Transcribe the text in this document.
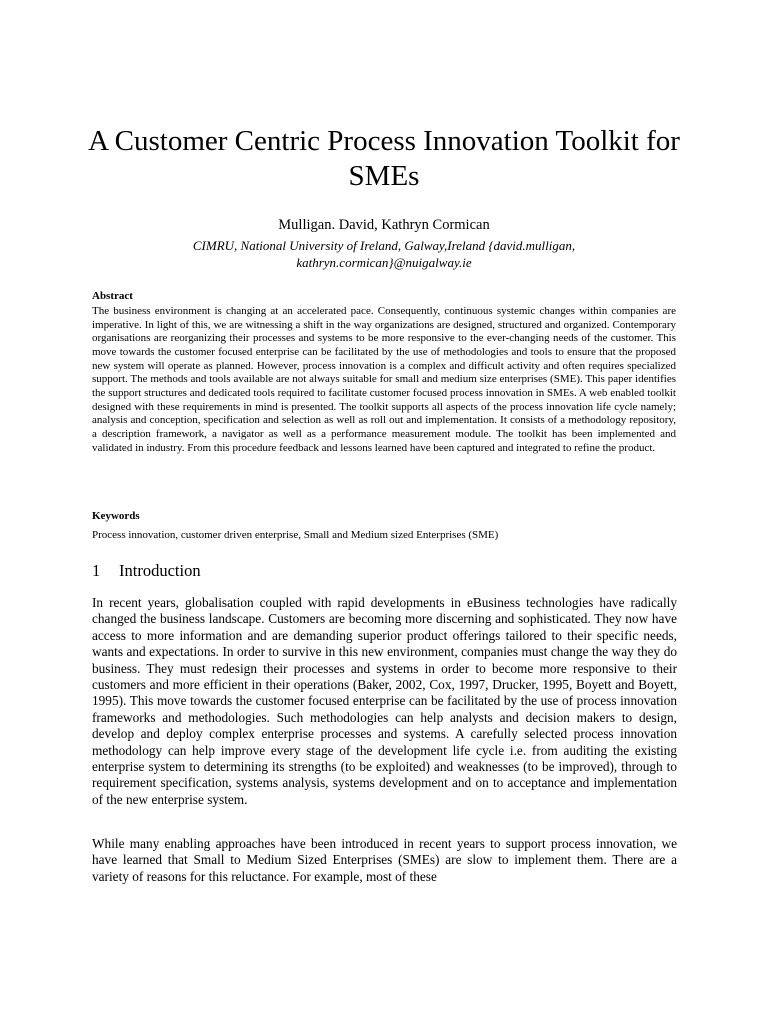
A Customer Centric Process Innovation Toolkit for SMEs
Mulligan. David, Kathryn Cormican
CIMRU, National University of Ireland, Galway,Ireland {david.mulligan, kathryn.cormican}@nuigalway.ie
Abstract

The business environment is changing at an accelerated pace. Consequently, continuous systemic changes within companies are imperative. In light of this, we are witnessing a shift in the way organizations are designed, structured and organized. Contemporary organisations are reorganizing their processes and systems to be more responsive to the ever-changing needs of the customer. This move towards the customer focused enterprise can be facilitated by the use of methodologies and tools to ensure that the proposed new system will operate as planned. However, process innovation is a complex and difficult activity and often requires specialized support. The methods and tools available are not always suitable for small and medium size enterprises (SME). This paper identifies the support structures and dedicated tools required to facilitate customer focused process innovation in SMEs. A web enabled toolkit designed with these requirements in mind is presented. The toolkit supports all aspects of the process innovation life cycle namely; analysis and conception, specification and selection as well as roll out and implementation. It consists of a methodology repository, a description framework, a navigator as well as a performance measurement module. The toolkit has been implemented and validated in industry. From this procedure feedback and lessons learned have been captured and integrated to refine the product.

Keywords
Process innovation, customer driven enterprise, Small and Medium sized Enterprises (SME)
1 Introduction

In recent years, globalisation coupled with rapid developments in eBusiness technologies have radically changed the business landscape. Customers are becoming more discerning and sophisticated. They now have access to more information and are demanding superior product offerings tailored to their specific needs, wants and expectations. In order to survive in this new environment, companies must change the way they do business. They must redesign their processes and systems in order to become more responsive to their customers and more efficient in their operations (Baker, 2002, Cox, 1997, Drucker, 1995, Boyett and Boyett, 1995). This move towards the customer focused enterprise can be facilitated by the use of process innovation frameworks and methodologies. Such methodologies can help analysts and decision makers to design, develop and deploy complex enterprise processes and systems. A carefully selected process innovation methodology can help improve every stage of the development life cycle i.e. from auditing the existing enterprise system to determining its strengths (to be exploited) and weaknesses (to be improved), through to requirement specification, systems analysis, systems development and on to acceptance and implementation of the new enterprise system.

While many enabling approaches have been introduced in recent years to support process innovation, we have learned that Small to Medium Sized Enterprises (SMEs) are slow to implement them. There are a variety of reasons for this reluctance. For example, most of these
